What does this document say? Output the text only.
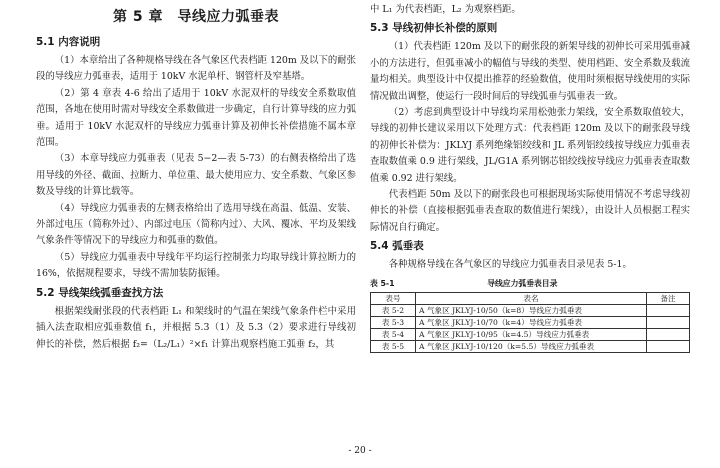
第 5 章　导线应力弧垂表
5.1 内容说明

（1）本章给出了各种规格导线在各气象区代表档距 120m 及以下的耐张段的导线应力弧垂表，适用于 10kV 水泥单杆、钢管杆及窄基塔。

（2）第 4 章表 4-6 给出了适用于 10kV 水泥双杆的导线安全系数取值范围，各地在使用时需对导线安全系数做进一步确定，自行计算导线的应力弧垂。适用于 10kV 水泥双杆的导线应力弧垂计算及初伸长补偿措施不属本章范围。

（3）本章导线应力弧垂表（见表 5−2—表 5-73）的右侧表格给出了选用导线的外径、截面、拉断力、单位重、最大使用应力、安全系数、气象区参数及导线的计算比载等。

（4）导线应力弧垂表的左侧表格给出了选用导线在高温、低温、安装、外部过电压（简称外过）、内部过电压（简称内过）、大风、覆冰、平均及架线气象条件等情况下的导线应力和弧垂的数值。

（5）导线应力弧垂表中导线年平均运行控制张力均取导线计算拉断力的 16%，依据规程要求，导线不需加装防振锤。

5.2 导线架线弧垂查找方法

根据架线耐张段的代表档距 L₁ 和架线时的气温在架线气象条件栏中采用插入法查取相应弧垂数值 f₁，并根据 5.3（1）及 5.3（2）要求进行导线初伸长的补偿，然后根据 f₂=（L₂/L₁）²×f₁ 计算出观察档施工弧垂 f₂，其

中 L₁ 为代表档距，L₂ 为观察档距。

5.3 导线初伸长补偿的原则

（1）代表档距 120m 及以下的耐张段的新架导线的初伸长可采用弧垂减小的方法进行，但弧垂减小的幅值与导线的类型、使用档距、安全系数及载流量均相关。典型设计中仅提出推荐的经验数值，使用时须根据导线使用的实际情况做出调整，使运行一段时间后的导线弧垂与弧垂表一致。

（2）考虑到典型设计中导线均采用松弛张力架线，安全系数取值较大，导线的初伸长建议采用以下处理方式：代表档距 120m 及以下的耐张段导线的初伸长补偿为：JKLYJ 系列绝缘铝绞线和 JL 系列铝绞线按导线应力弧垂表查取数值乘 0.9 进行架线，JL/G1A 系列钢芯铝绞线按导线应力弧垂表查取数值乘 0.92 进行架线。

代表档距 50m 及以下的耐张段也可根据现场实际使用情况不考虑导线初伸长的补偿（直接根据弧垂表查取的数值进行架线），由设计人员根据工程实际情况自行确定。

5.4 弧垂表

各种规格导线在各气象区的导线应力弧垂表目录见表 5-1。

表 5-1	导线应力弧垂表目录
表号	表名	备注
表 5-2	A 气象区 JKLYJ-10/50（k=8）导线应力弧垂表	
表 5-3	A 气象区 JKLYJ-10/70（k=4）导线应力弧垂表	
表 5-4	A 气象区 JKLYJ-10/95（k=4.5）导线应力弧垂表	
表 5-5	A 气象区 JKLYJ-10/120（k=5.5）导线应力弧垂表	
- 20 -
